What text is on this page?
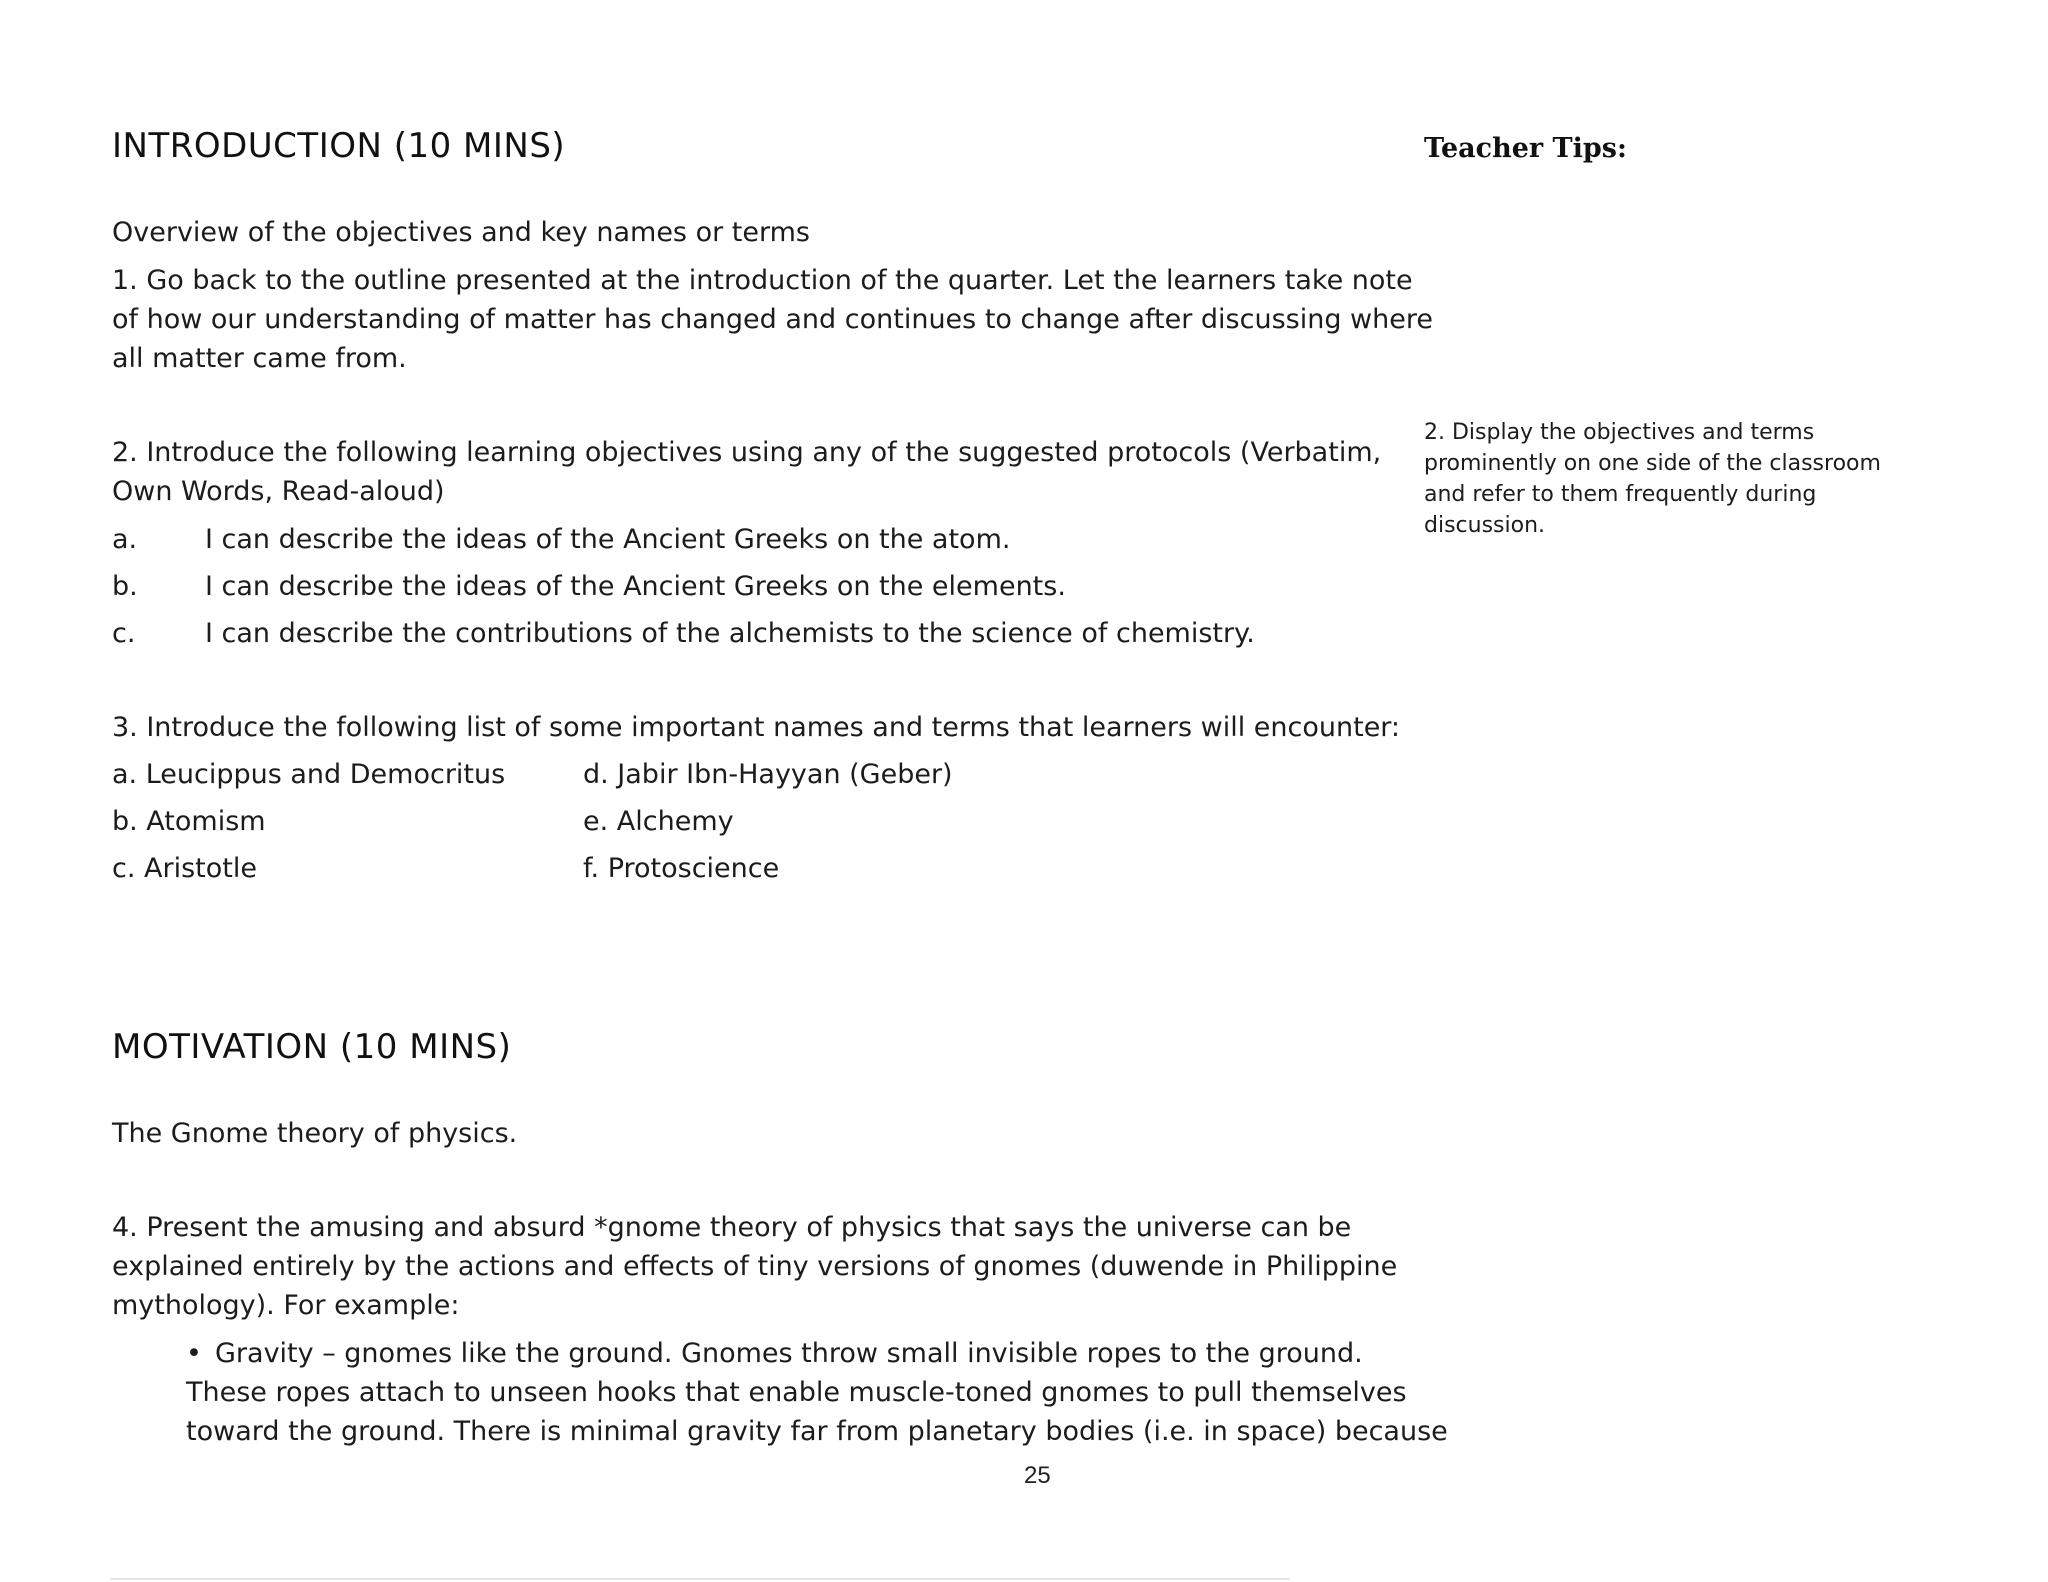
INTRODUCTION (10 MINS)
Overview of the objectives and key names or terms
1. Go back to the outline presented at the introduction of the quarter. Let the learners take note
of how our understanding of matter has changed and continues to change after discussing where
all matter came from.
2. Introduce the following learning objectives using any of the suggested protocols (Verbatim,
Own Words, Read-aloud)
a.	I can describe the ideas of the Ancient Greeks on the atom.
b. I can describe the ideas of the Ancient Greeks on the elements.
c.	I can describe the contributions of the alchemists to the science of chemistry.
3. Introduce the following list of some important names and terms that learners will encounter:
a. Leucippus and Democritus
b. Atomism
c. Aristotle
d. Jabir Ibn-Hayyan (Geber)
e. Alchemy
f. Protoscience
MOTIVATION (10 MINS)
The Gnome theory of physics.
4. Present the amusing and absurd *gnome theory of physics that says the universe can be
explained entirely by the actions and effects of tiny versions of gnomes (duwende in Philippine
mythology). For example:
• Gravity – gnomes like the ground. Gnomes throw small invisible ropes to the ground.
These ropes attach to unseen hooks that enable muscle-toned gnomes to pull themselves
toward the ground. There is minimal gravity far from planetary bodies (i.e. in space) because
Teacher Tips:
2. Display the objectives and terms
prominently on one side of the classroom
and refer to them frequently during
discussion.
25
